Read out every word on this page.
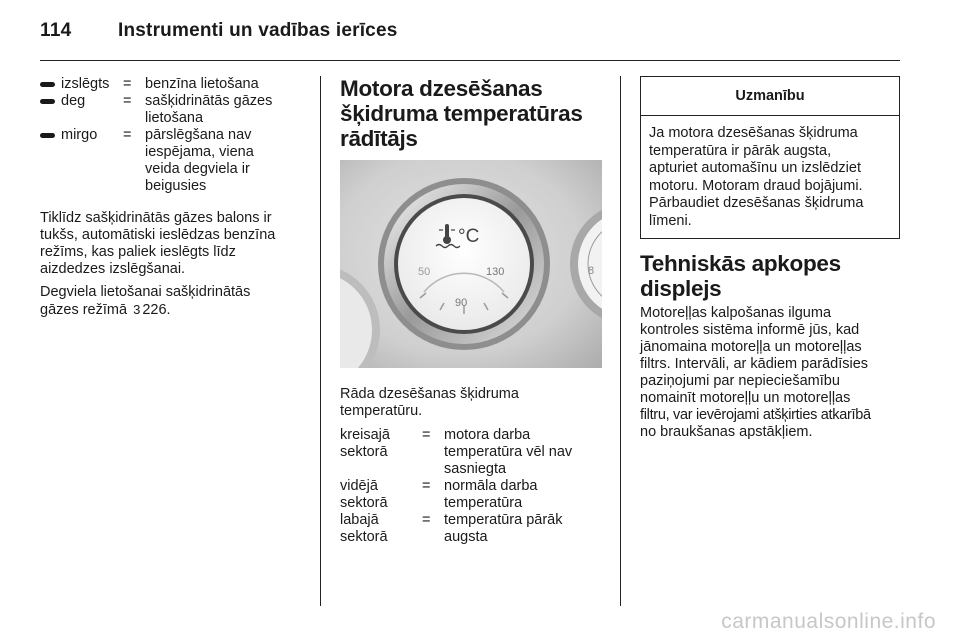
114 Instrumenti un vadības ierīces
izslēgts = benzīna lietošana
deg	= sašķidrinātās gāzes
lietošana
mirgo = pārslēgšana nav
iespējama, viena
veida degviela ir
beigusies
Tiklīdz sašķidrinātās gāzes balons ir
tukšs, automātiski ieslēdzas benzīna
režīms, kas paliek ieslēgts līdz
aizdedzes izslēgšanai.
Degviela lietošanai sašķidrinātās
gāzes režīmā 3 226.
Motora dzesēšanas
šķidruma temperatūras
rādītājs
8
°C
50
90
130
Rāda dzesēšanas šķidruma
temperatūru.
kreisajā
sektorā
= motora darba
temperatūra vēl nav
sasniegta
vidējā
sektorā
= normāla darba
temperatūra
labajā
sektorā
= temperatūra pārāk
augsta
Uzmanību
Ja motora dzesēšanas šķidruma
temperatūra ir pārāk augsta,
apturiet automašīnu un izslēdziet
motoru. Motoram draud bojājumi.
Pārbaudiet dzesēšanas šķidruma
līmeni.
Tehniskās apkopes
displejs
Motoreļļas kalpošanas ilguma
kontroles sistēma informē jūs, kad
jānomaina motoreļļa un motoreļļas
filtrs. Intervāli, ar kādiem parādīsies
paziņojumi par nepieciešamību
nomainīt motoreļļu un motoreļļas
filtru, var ievērojami atšķirties atkarībā
no braukšanas apstākļiem.
carmanualsonline.info
